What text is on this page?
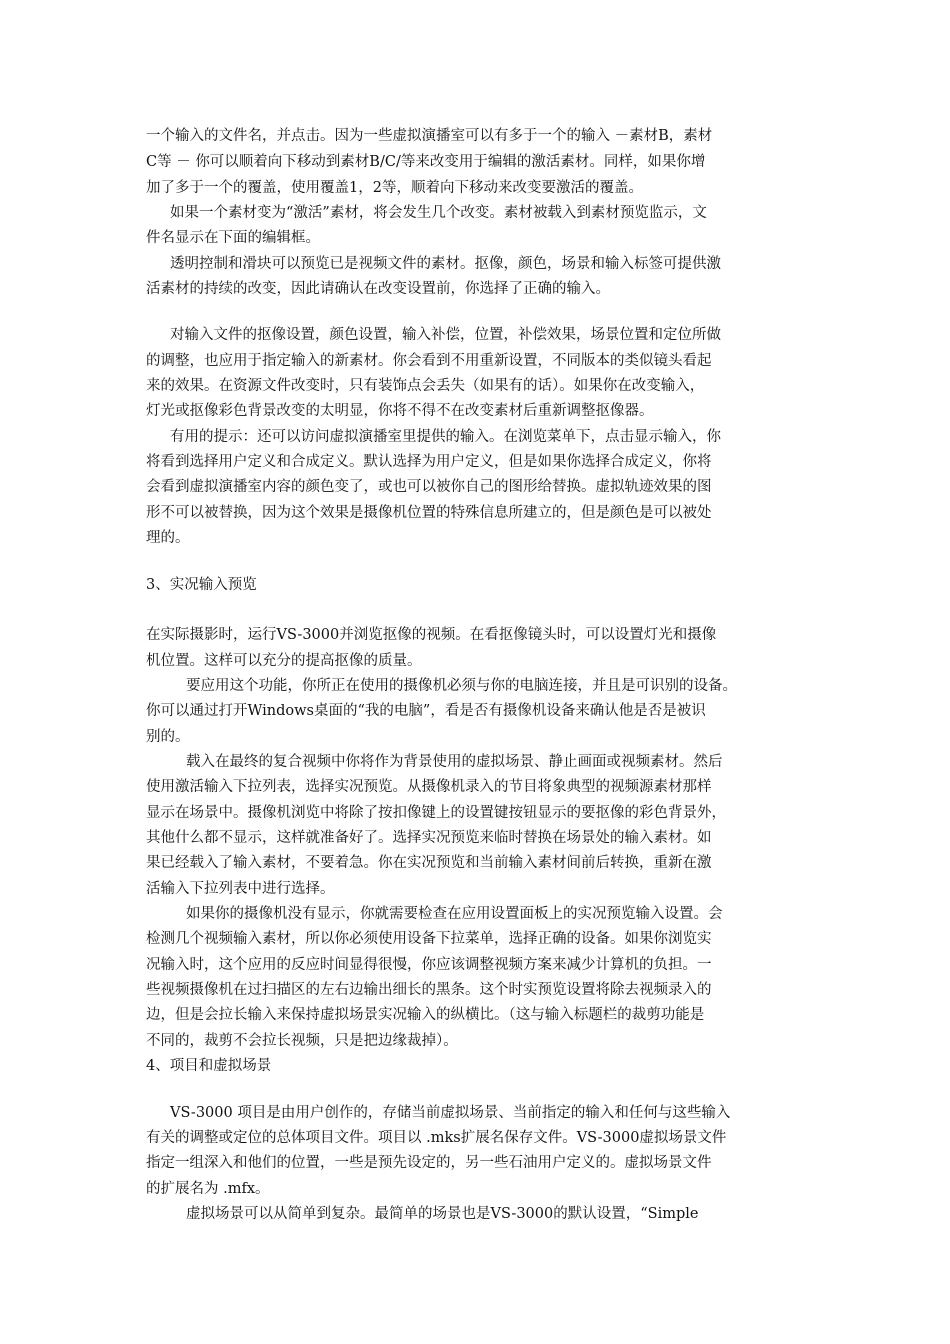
一个输入的文件名，并点击。因为一些虚拟演播室可以有多于一个的输入 －素材B，素材
C等 － 你可以顺着向下移动到素材B/C/等来改变用于编辑的激活素材。同样，如果你增
加了多于一个的覆盖，使用覆盖1，2等，顺着向下移动来改变要激活的覆盖。
如果一个素材变为“激活”素材，将会发生几个改变。素材被载入到素材预览监示，文
件名显示在下面的编辑框。
透明控制和滑块可以预览已是视频文件的素材。抠像，颜色，场景和输入标签可提供激
活素材的持续的改变，因此请确认在改变设置前，你选择了正确的输入。
对输入文件的抠像设置，颜色设置，输入补偿，位置，补偿效果，场景位置和定位所做
的调整，也应用于指定输入的新素材。你会看到不用重新设置，不同版本的类似镜头看起
来的效果。在资源文件改变时，只有装饰点会丢失（如果有的话）。如果你在改变输入，
灯光或抠像彩色背景改变的太明显，你将不得不在改变素材后重新调整抠像器。
有用的提示：还可以访问虚拟演播室里提供的输入。在浏览菜单下，点击显示输入，你
将看到选择用户定义和合成定义。默认选择为用户定义，但是如果你选择合成定义，你将
会看到虚拟演播室内容的颜色变了，或也可以被你自己的图形给替换。虚拟轨迹效果的图
形不可以被替换，因为这个效果是摄像机位置的特殊信息所建立的，但是颜色是可以被处
理的。
3、实况输入预览
在实际摄影时，运行VS-3000并浏览抠像的视频。在看抠像镜头时，可以设置灯光和摄像
机位置。这样可以充分的提高抠像的质量。
要应用这个功能，你所正在使用的摄像机必须与你的电脑连接，并且是可识别的设备。
你可以通过打开Windows桌面的“我的电脑”，看是否有摄像机设备来确认他是否是被识
别的。
载入在最终的复合视频中你将作为背景使用的虚拟场景、静止画面或视频素材。然后
使用激活输入下拉列表，选择实况预览。从摄像机录入的节目将象典型的视频源素材那样
显示在场景中。摄像机浏览中将除了按扣像键上的设置键按钮显示的要抠像的彩色背景外，
其他什么都不显示，这样就准备好了。选择实况预览来临时替换在场景处的输入素材。如
果已经载入了输入素材，不要着急。你在实况预览和当前输入素材间前后转换，重新在激
活输入下拉列表中进行选择。
如果你的摄像机没有显示，你就需要检查在应用设置面板上的实况预览输入设置。会
检测几个视频输入素材，所以你必须使用设备下拉菜单，选择正确的设备。如果你浏览实
况输入时，这个应用的反应时间显得很慢，你应该调整视频方案来减少计算机的负担。一
些视频摄像机在过扫描区的左右边输出细长的黑条。这个时实预览设置将除去视频录入的
边，但是会拉长输入来保持虚拟场景实况输入的纵横比。（这与输入标题栏的裁剪功能是
不同的，裁剪不会拉长视频，只是把边缘裁掉）。
4、项目和虚拟场景
VS-3000 项目是由用户创作的，存储当前虚拟场景、当前指定的输入和任何与这些输入
有关的调整或定位的总体项目文件。项目以 .mks扩展名保存文件。VS-3000虚拟场景文件
指定一组深入和他们的位置，一些是预先设定的，另一些石油用户定义的。虚拟场景文件
的扩展名为 .mfx。
虚拟场景可以从简单到复杂。最简单的场景也是VS-3000的默认设置，“Simple
